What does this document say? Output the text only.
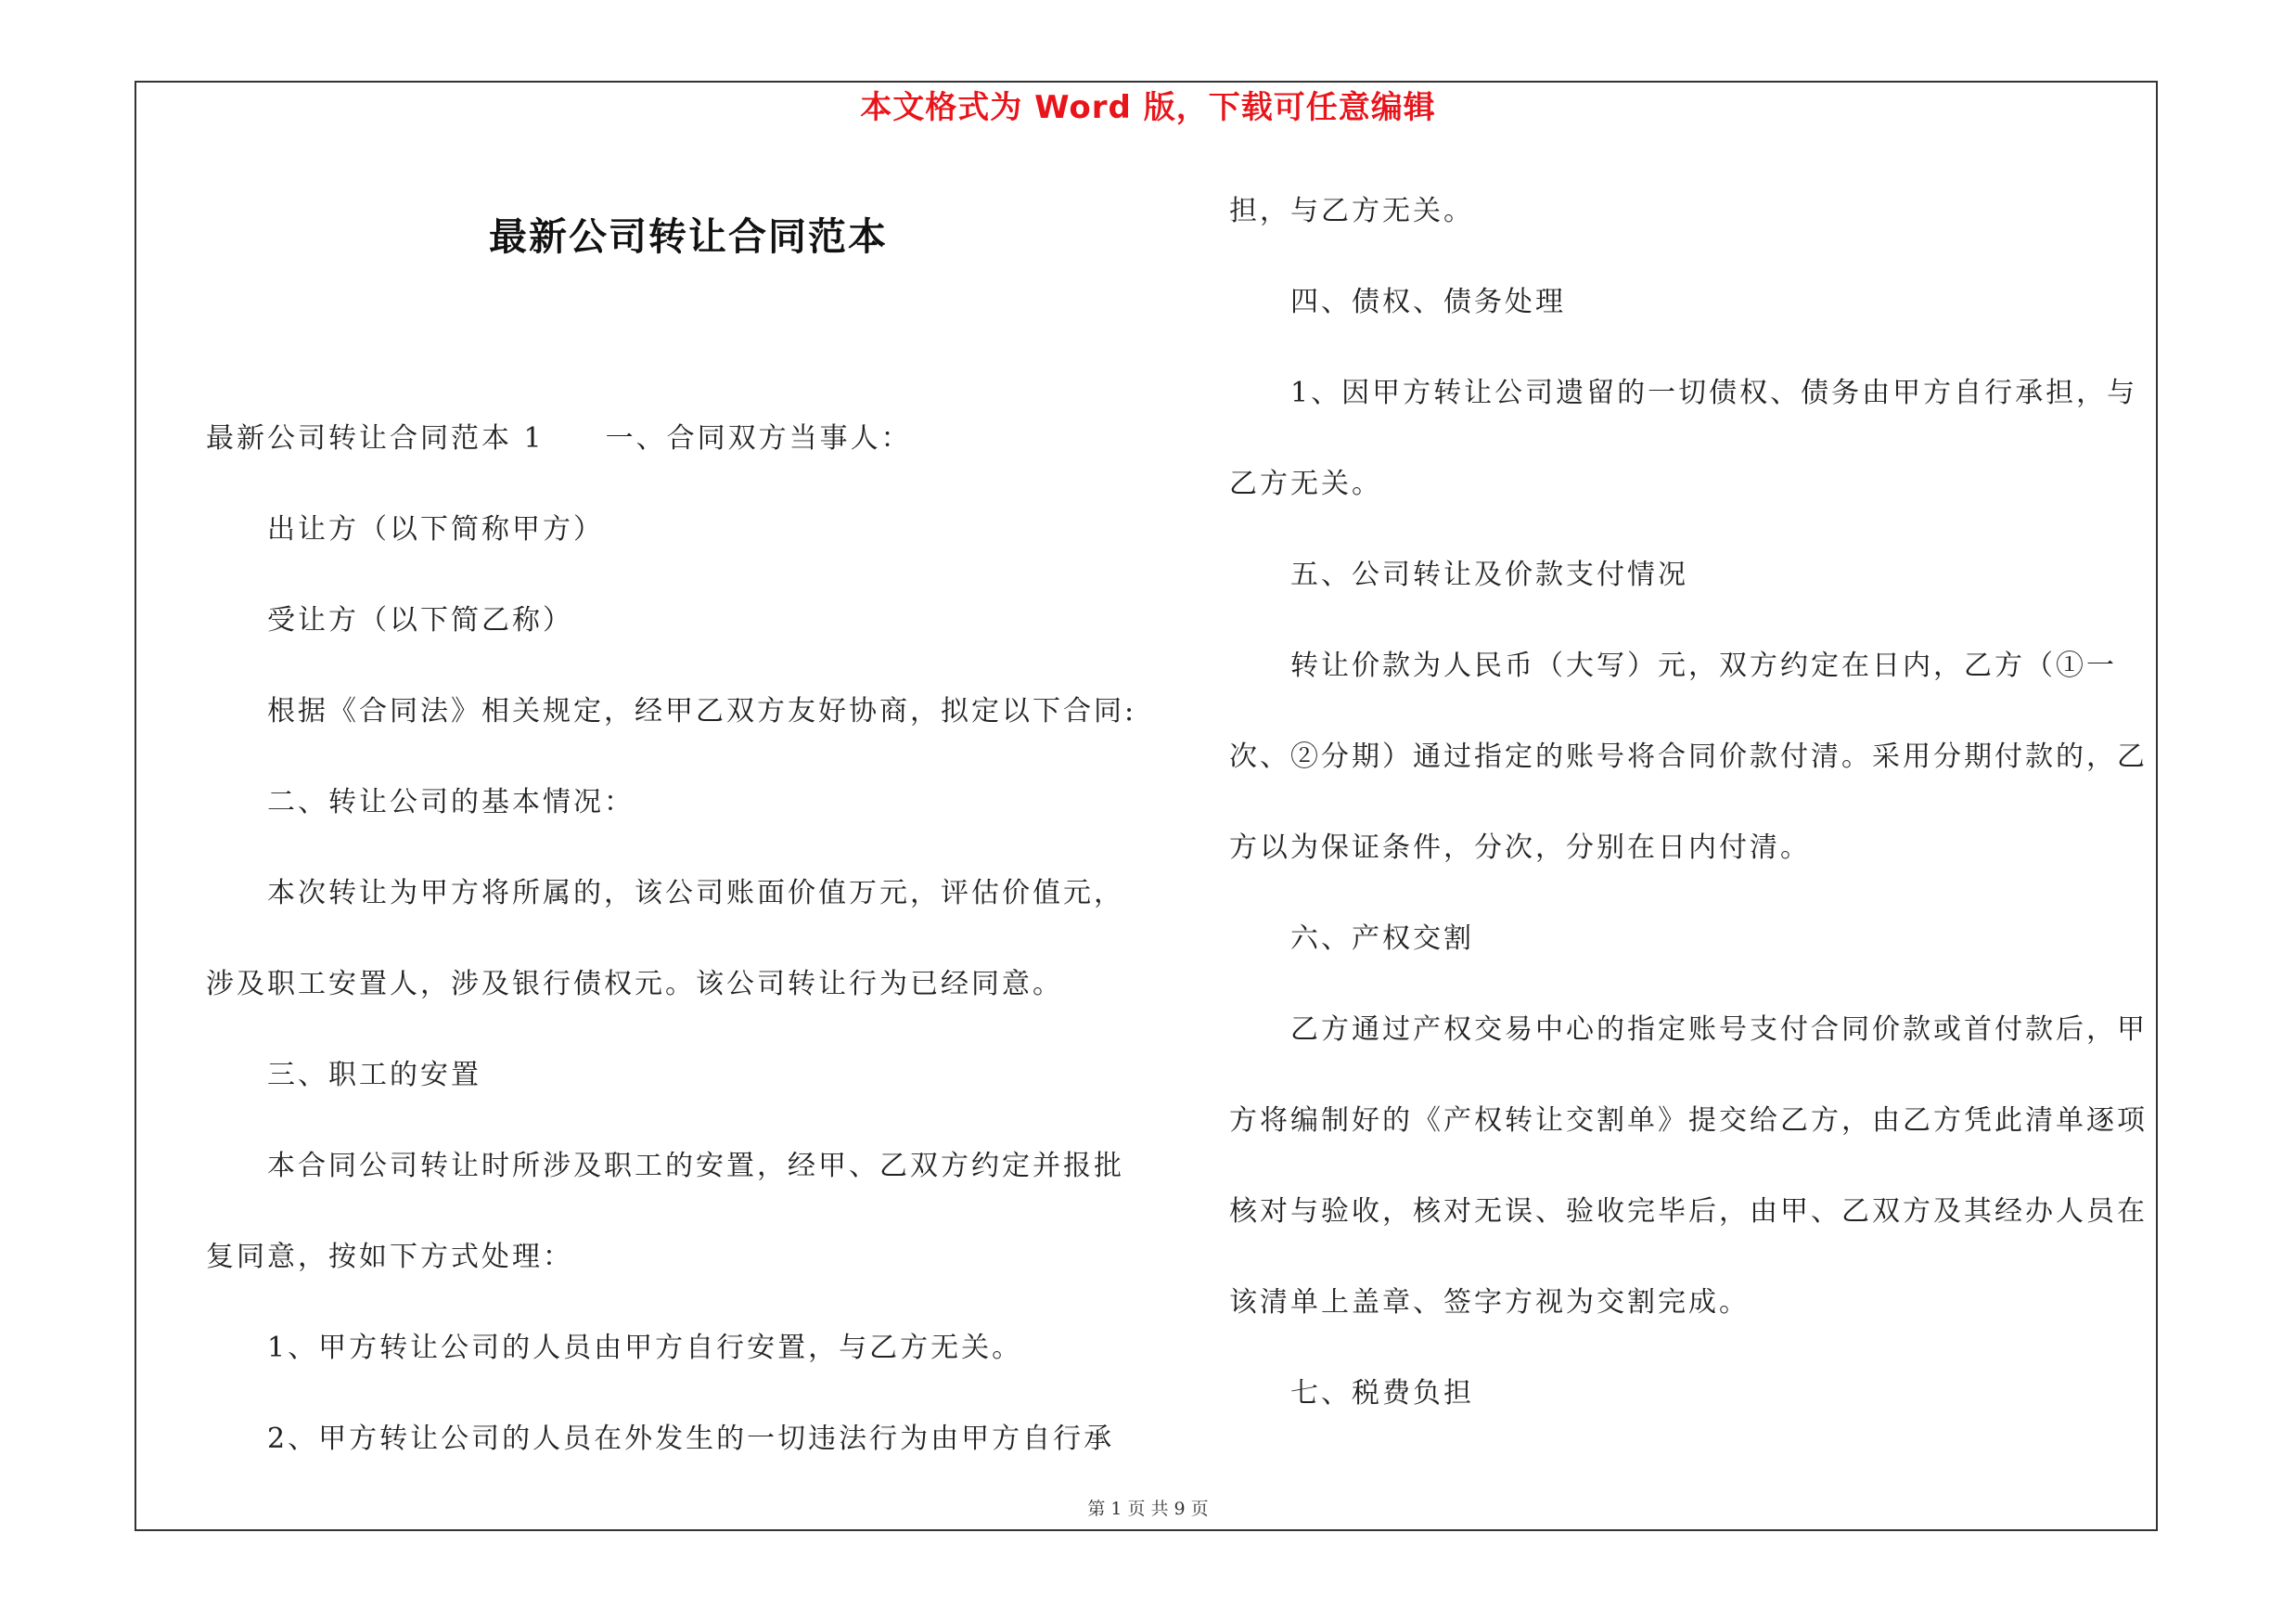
本文格式为 Word 版，下载可任意编辑
最新公司转让合同范本
最新公司转让合同范本 1　　一、合同双方当事人：
出让方（以下简称甲方）
受让方（以下简乙称）
根据《合同法》相关规定，经甲乙双方友好协商，拟定以下合同:
二、转让公司的基本情况：
本次转让为甲方将所属的，该公司账面价值万元，评估价值元，
涉及职工安置人，涉及银行债权元。该公司转让行为已经同意。
三、职工的安置
本合同公司转让时所涉及职工的安置，经甲、乙双方约定并报批
复同意，按如下方式处理：
1、甲方转让公司的人员由甲方自行安置，与乙方无关。
2、甲方转让公司的人员在外发生的一切违法行为由甲方自行承
担，与乙方无关。
四、债权、债务处理
1、因甲方转让公司遗留的一切债权、债务由甲方自行承担，与
乙方无关。
五、公司转让及价款支付情况
转让价款为人民币（大写）元，双方约定在日内，乙方（①一
次、②分期）通过指定的账号将合同价款付清。采用分期付款的，乙
方以为保证条件，分次，分别在日内付清。
六、产权交割
乙方通过产权交易中心的指定账号支付合同价款或首付款后，甲
方将编制好的《产权转让交割单》提交给乙方，由乙方凭此清单逐项
核对与验收，核对无误、验收完毕后，由甲、乙双方及其经办人员在
该清单上盖章、签字方视为交割完成。
七、税费负担
第 1 页 共 9 页
